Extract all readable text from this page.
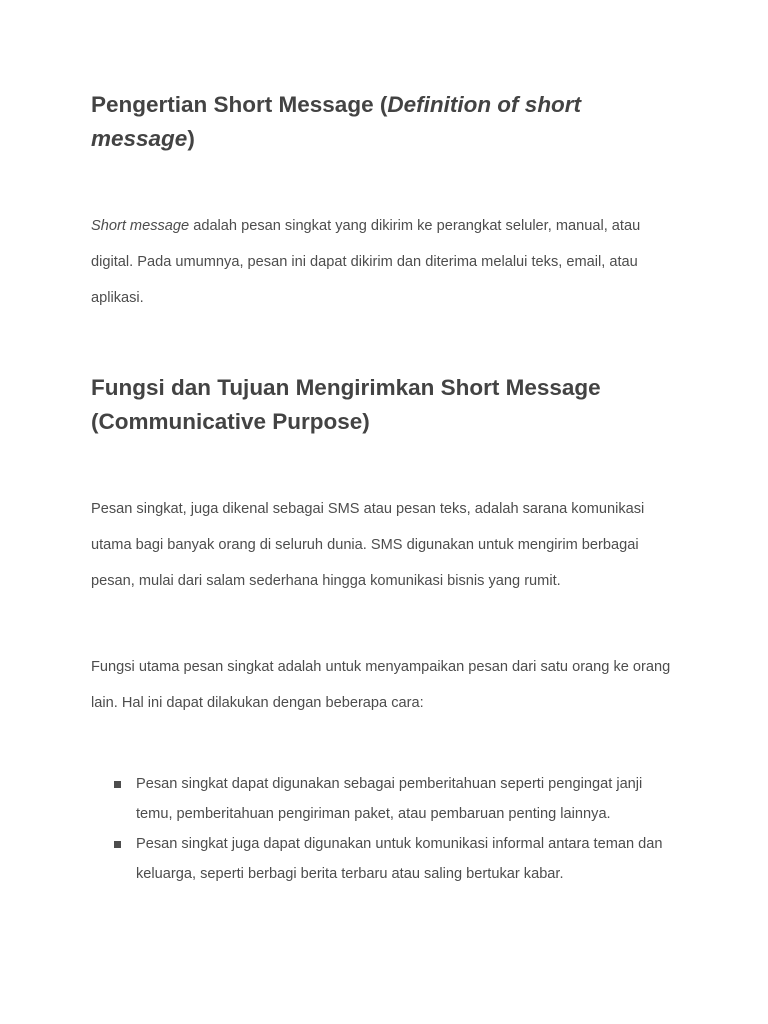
Pengertian Short Message (Definition of short message)

Short message adalah pesan singkat yang dikirim ke perangkat seluler, manual, atau digital. Pada umumnya, pesan ini dapat dikirim dan diterima melalui teks, email, atau aplikasi.

Fungsi dan Tujuan Mengirimkan Short Message (Communicative Purpose)

Pesan singkat, juga dikenal sebagai SMS atau pesan teks, adalah sarana komunikasi utama bagi banyak orang di seluruh dunia. SMS digunakan untuk mengirim berbagai pesan, mulai dari salam sederhana hingga komunikasi bisnis yang rumit.

Fungsi utama pesan singkat adalah untuk menyampaikan pesan dari satu orang ke orang lain. Hal ini dapat dilakukan dengan beberapa cara:

Pesan singkat dapat digunakan sebagai pemberitahuan seperti pengingat janji temu, pemberitahuan pengiriman paket, atau pembaruan penting lainnya.
Pesan singkat juga dapat digunakan untuk komunikasi informal antara teman dan keluarga, seperti berbagi berita terbaru atau saling bertukar kabar.
